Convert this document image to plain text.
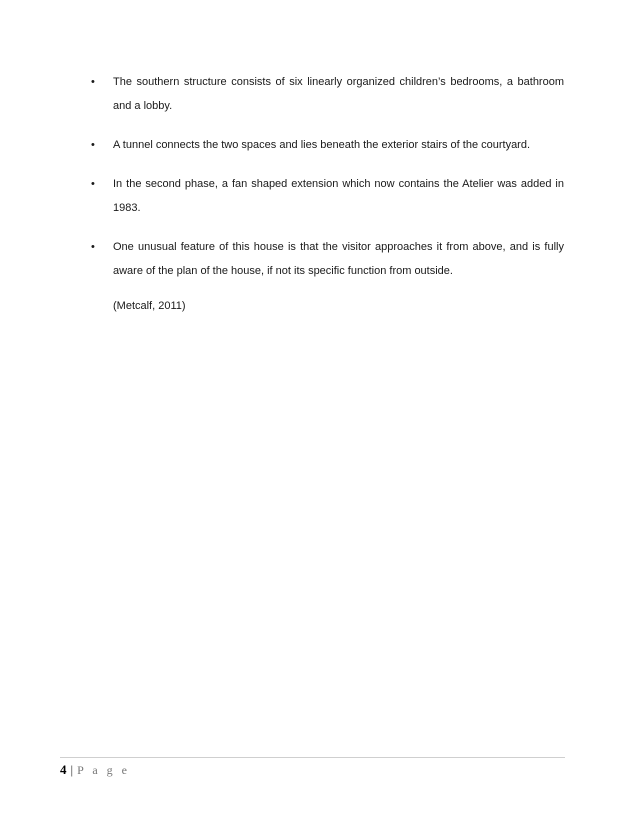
• The southern structure consists of six linearly organized children’s bedrooms, a bathroom and a lobby.
• A tunnel connects the two spaces and lies beneath the exterior stairs of the courtyard.
• In the second phase, a fan shaped extension which now contains the Atelier was added in 1983.
• One unusual feature of this house is that the visitor approaches it from above, and is fully aware of the plan of the house, if not its specific function from outside.
(Metcalf, 2011)
4 | P a g e
